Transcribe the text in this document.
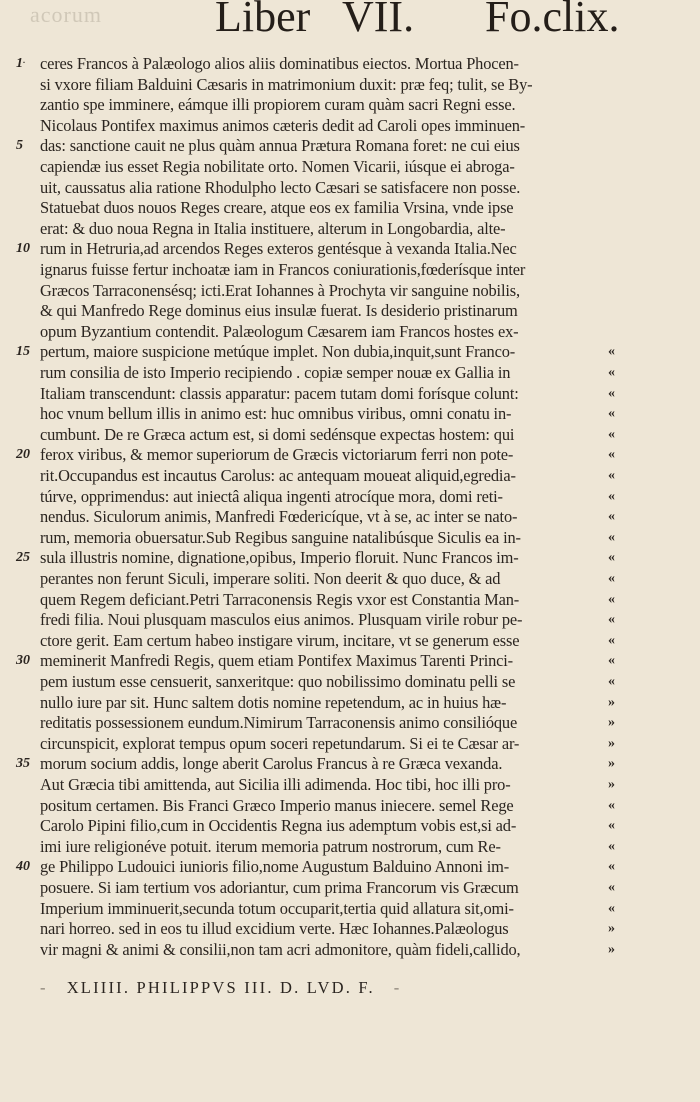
acorum	Liber VII. Fo.clix.
· ceres Francos à Palæologo alios aliis dominatibus eiectos. Mortua Phocen-
1
si vxore filiam Balduini Cæsaris in matrimonium duxit: præ feq; tulit, se By-
zantio spe imminere, eámque illi propiorem curam quàm sacri Regni esse.
Nicolaus Pontifex maximus animos cæteris dedit ad Caroli opes imminuen-
das: sanctione cauit ne plus quàm annua Prætura Romana foret: ne cui eius
5
capiendæ ius esset Regia nobilitate orto. Nomen Vicarii, iúsque ei abroga-
uit, caussatus alia ratione Rhodulpho lecto Cæsari se satisfacere non posse.
Statuebat duos nouos Reges creare, atque eos ex familia Vrsina, vnde ipse
erat: & duo noua Regna in Italia instituere, alterum in Longobardia, alte-
rum in Hetruria,ad arcendos Reges exteros gentésque à vexanda Italia.Nec
10
ignarus fuisse fertur inchoatæ iam in Francos coniurationis,fœderísque inter
Græcos Tarraconensésq; icti.Erat Iohannes à Prochyta vir sanguine nobilis,
& qui Manfredo Rege dominus eius insulæ fuerat. Is desiderio pristinarum
opum Byzantium contendit. Palæologum Cæsarem iam Francos hostes ex-
pertum, maiore suspicione metúque implet. Non dubia,inquit,sunt Franco-
15	«
rum consilia de isto Imperio recipiendo . copiæ semper nouæ ex Gallia in	«
Italiam transcendunt: classis apparatur: pacem tutam domi forísque colunt:	«
hoc vnum bellum illis in animo est: huc omnibus viribus, omni conatu in-	«
cumbunt. De re Græca actum est, si domi sedénsque expectas hostem: qui	«
ferox viribus, & memor superiorum de Græcis victoriarum ferri non pote-
20	«
rit.Occupandus est incautus Carolus: ac antequam moueat aliquid,egredia-	«
túrve, opprimendus: aut iniectâ aliqua ingenti atrocíque mora, domi reti-	«
nendus. Siculorum animis, Manfredi Fœdericíque, vt à se, ac inter se nato-	«
rum, memoria obuersatur.Sub Regibus sanguine natalibúsque Siculis ea in-	«
sula illustris nomine, dignatione,opibus, Imperio floruit. Nunc Francos im-
25	«
perantes non ferunt Siculi, imperare soliti. Non deerit & quo duce, & ad	«
quem Regem deficiant.Petri Tarraconensis Regis vxor est Constantia Man-	«
fredi filia. Noui plusquam masculos eius animos. Plusquam virile robur pe-	«
ctore gerit. Eam certum habeo instigare virum, incitare, vt se generum esse	«
meminerit Manfredi Regis, quem etiam Pontifex Maximus Tarenti Princi-
30	«
pem iustum esse censuerit, sanxeritque: quo nobilissimo dominatu pelli se	«
nullo iure par sit. Hunc saltem dotis nomine repetendum, ac in huius hæ-	»
reditatis possessionem eundum.Nimirum Tarraconensis animo consilióque	»
circunspicit, explorat tempus opum soceri repetundarum. Si ei te Cæsar ar-	»
morum socium addis, longe aberit Carolus Francus à re Græca vexanda.
35	»
Aut Græcia tibi amittenda, aut Sicilia illi adimenda. Hoc tibi, hoc illi pro-	»
positum certamen. Bis Franci Græco Imperio manus iniecere. semel Rege	«
Carolo Pipini filio,cum in Occidentis Regna ius ademptum vobis est,si ad-	«
imi iure religionéve potuit. iterum memoria patrum nostrorum, cum Re-	«
ge Philippo Ludouici iunioris filio,nome Augustum Balduino Annoni im-
40	«
posuere. Si iam tertium vos adoriantur, cum prima Francorum vis Græcum	«
Imperium imminuerit,secunda totum occuparit,tertia quid allatura sit,omi-	«
nari horreo. sed in eos tu illud excidium verte. Hæc Iohannes.Palæologus	»
vir magni & animi & consilii,non tam acri admonitore, quàm fideli,callido,	»
- XLIIII. PHILIPPVS III. D. LVD. F. -
